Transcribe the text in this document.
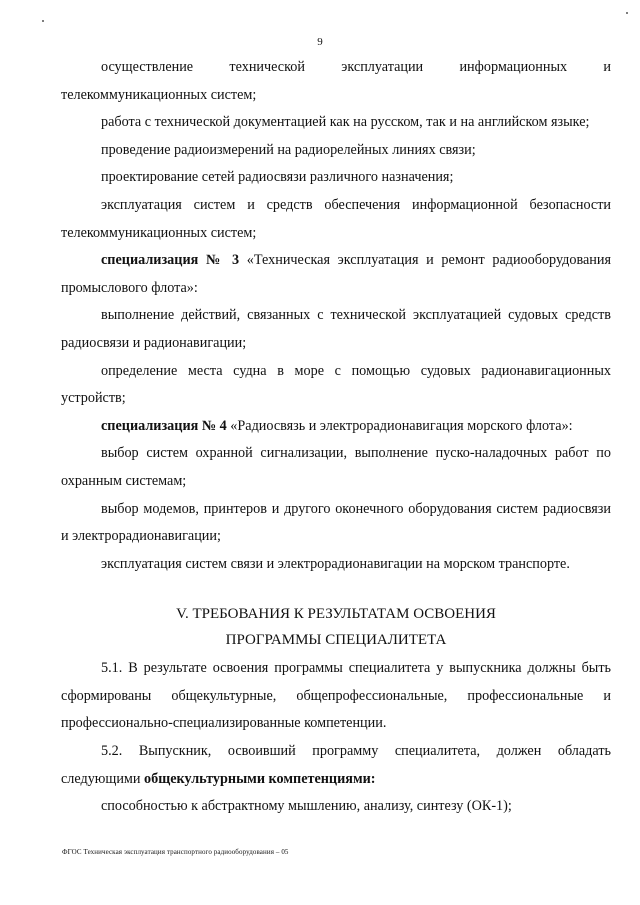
9

осуществление технической эксплуатации информационных и телекоммуникационных систем;

работа с технической документацией как на русском, так и на английском языке;

проведение радиоизмерений на радиорелейных линиях связи;

проектирование сетей радиосвязи различного назначения;

эксплуатация систем и средств обеспечения информационной безопасности телекоммуникационных систем;

специализация № 3 «Техническая эксплуатация и ремонт радиооборудования промыслового флота»:

выполнение действий, связанных с технической эксплуатацией судовых средств радиосвязи и радионавигации;

определение места судна в море с помощью судовых радионавигационных устройств;

специализация № 4 «Радиосвязь и электрорадионавигация морского флота»:

выбор систем охранной сигнализации, выполнение пуско-наладочных работ по охранным системам;

выбор модемов, принтеров и другого оконечного оборудования систем радиосвязи и электрорадионавигации;

эксплуатация систем связи и электрорадионавигации на морском транспорте.

V. ТРЕБОВАНИЯ К РЕЗУЛЬТАТАМ ОСВОЕНИЯ

ПРОГРАММЫ СПЕЦИАЛИТЕТА

5.1. В результате освоения программы специалитета у выпускника должны быть сформированы общекультурные, общепрофессиональные, профессиональные и профессионально-специализированные компетенции.

5.2. Выпускник, освоивший программу специалитета, должен обладать следующими общекультурными компетенциями:

способностью к абстрактному мышлению, анализу, синтезу (ОК-1);

ФГОС Техническая эксплуатация транспортного радиооборудования – 05
